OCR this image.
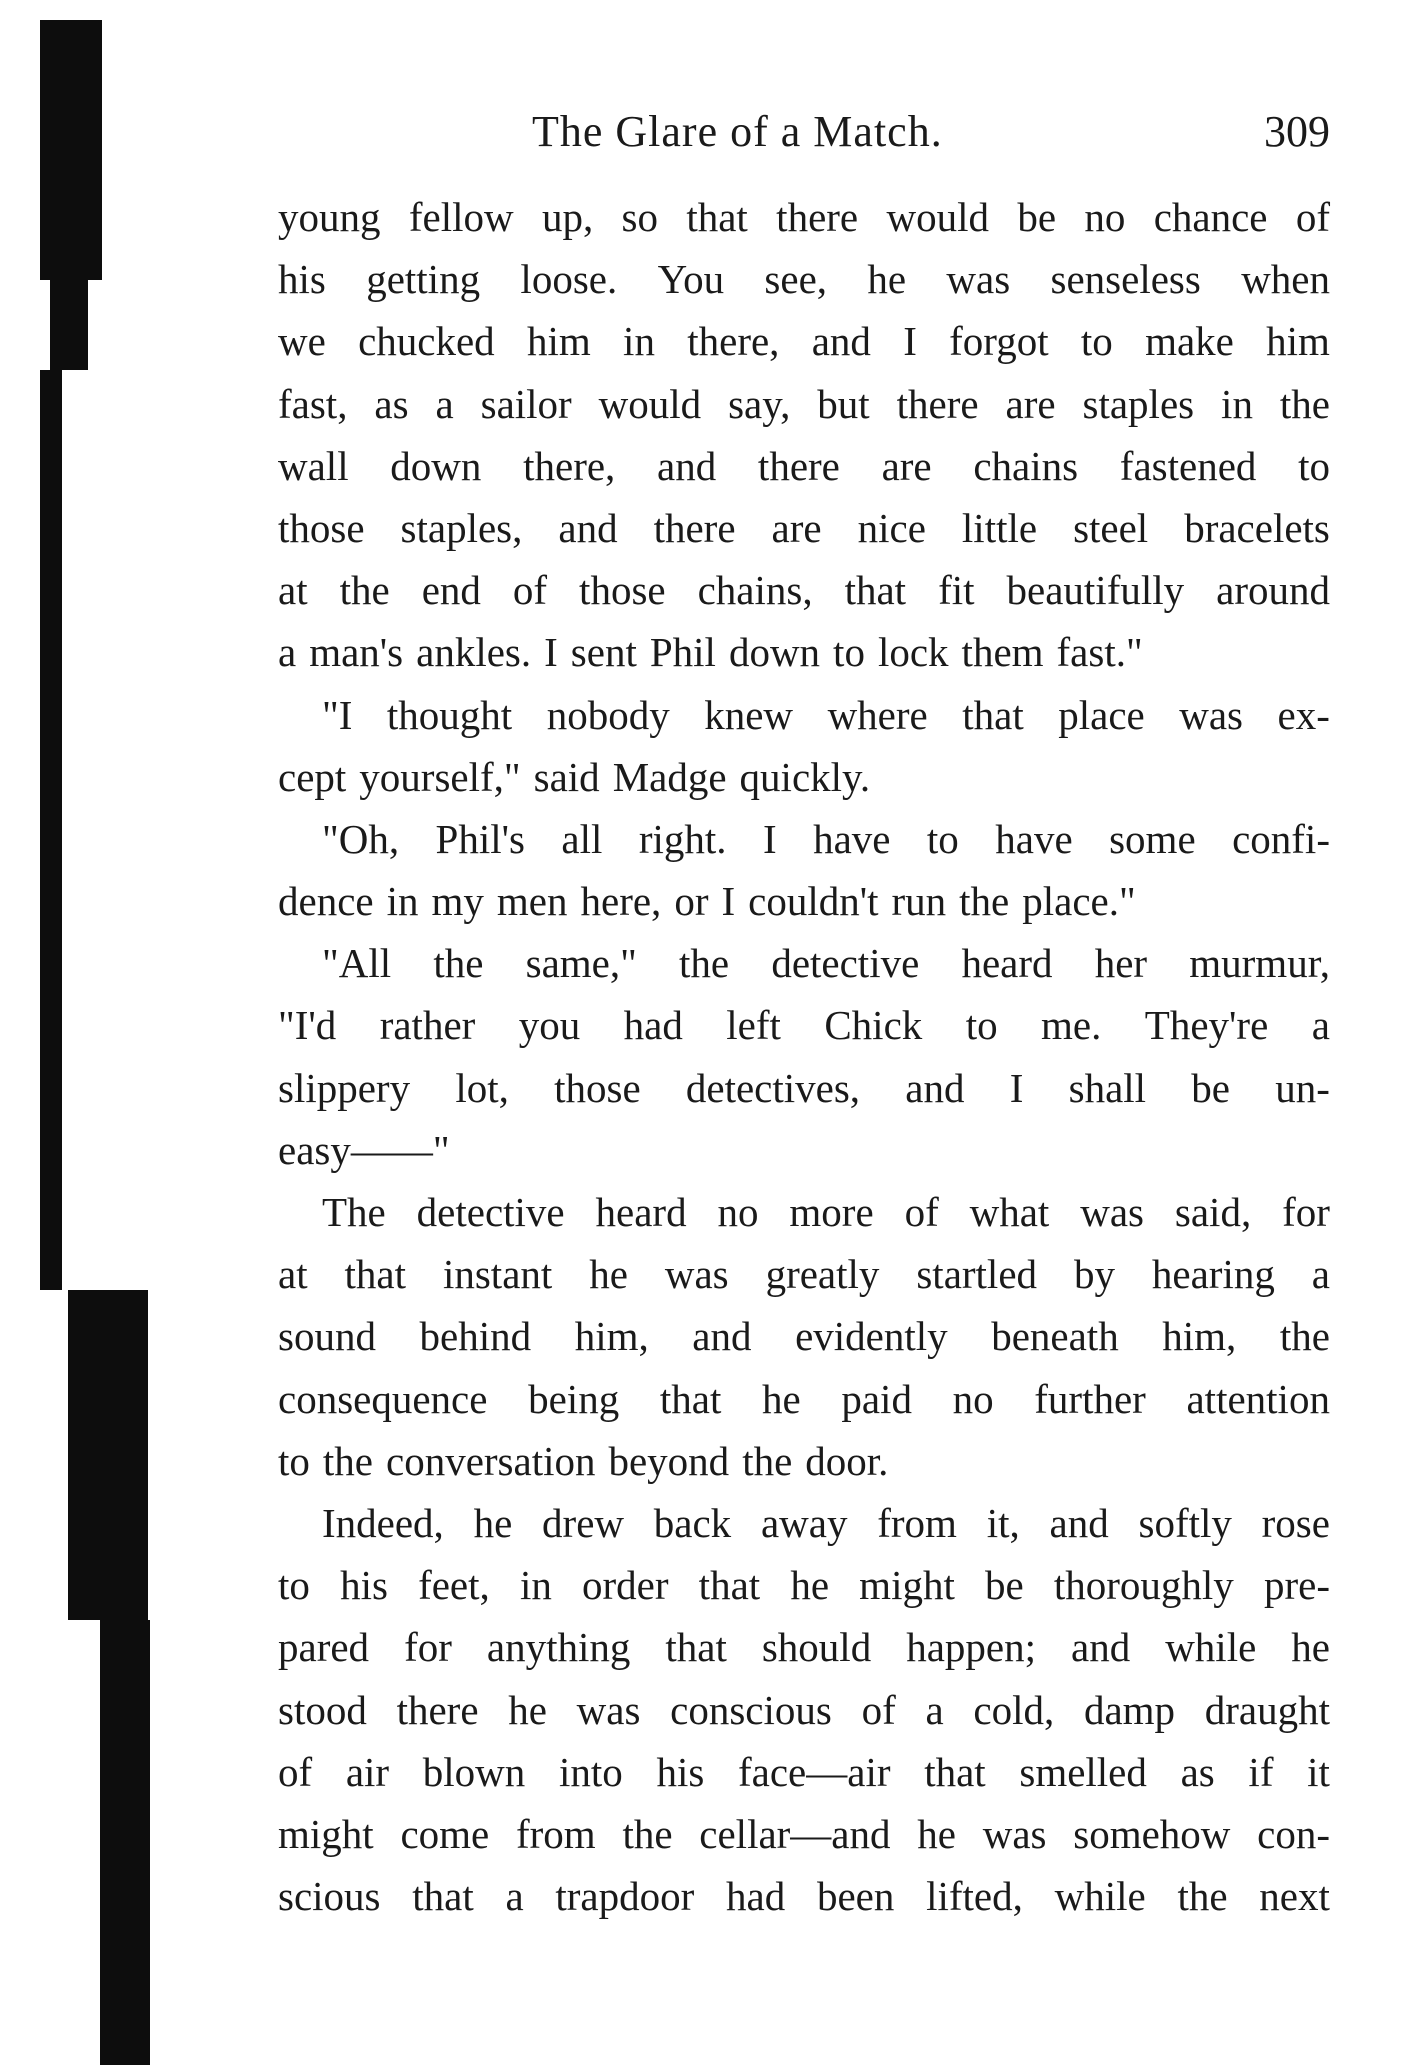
The Glare of a Match.	309
young fellow up, so that there would be no chance of
his getting loose. You see, he was senseless when
we chucked him in there, and I forgot to make him
fast, as a sailor would say, but there are staples in the
wall down there, and there are chains fastened to
those staples, and there are nice little steel bracelets
at the end of those chains, that fit beautifully around
a man's ankles. I sent Phil down to lock them fast."
"I thought nobody knew where that place was ex-
cept yourself," said Madge quickly.
"Oh, Phil's all right. I have to have some confi-
dence in my men here, or I couldn't run the place."
"All the same," the detective heard her murmur,
"I'd rather you had left Chick to me. They're a
slippery lot, those detectives, and I shall be un-
easy——"
The detective heard no more of what was said, for
at that instant he was greatly startled by hearing a
sound behind him, and evidently beneath him, the
consequence being that he paid no further attention
to the conversation beyond the door.
Indeed, he drew back away from it, and softly rose
to his feet, in order that he might be thoroughly pre-
pared for anything that should happen; and while he
stood there he was conscious of a cold, damp draught
of air blown into his face—air that smelled as if it
might come from the cellar—and he was somehow con-
scious that a trapdoor had been lifted, while the next
